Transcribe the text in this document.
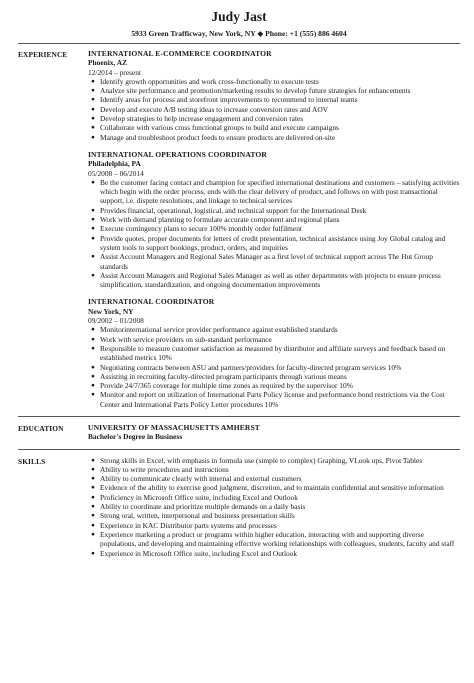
Judy Jast
5933 Green Trafficway, New York, NY ◆ Phone: +1 (555) 886 4604
EXPERIENCE	INTERNATIONAL E-COMMERCE COORDINATOR
Phoenix, AZ
12/2014 – present
● Identify growth opportunities and work cross-functionally to execute tests
● Analyze site performance and promotion/marketing results to develop future strategies for enhancements
● Identify areas for process and storefront improvements to recommend to internal teams
● Develop and execute A/B testing ideas to increase conversion rates and AOV
● Develop strategies to help increase engagement and conversion rates
● Collaborate with various cross functional groups to build and execute campaigns
● Manage and troubleshoot product feeds to ensure products are delivered on-site
INTERNATIONAL OPERATIONS COORDINATOR
Philadelphia, PA
05/2008 – 06/2014
● Be the customer facing contact and champion for specified international destinations and customers – satisfying activities which begin with the order process, ends with the clear delivery of product, and follows on with post transactional support, i.e. dispute resolutions, and linkage to technical services
● Provides financial, operational, logistical, and technical support for the International Desk
● Work with demand planning to formulate accurate component and regional plans
● Execute contingency plans to secure 100% monthly order fulfilment
● Provide quotes, proper documents for letters of credit presentation, technical assistance using Joy Global catalog and system tools to support bookings, product, orders, and inquiries
● Assist Account Managers and Regional Sales Manager as a first level of technical support across The Hut Group standards
● Assist Account Managers and Regional Sales Manager as well as other departments with projects to ensure process simplification, standardization, and ongoing documentation improvements
INTERNATIONAL COORDINATOR
New York, NY
09/2002 – 01/2008
● Monitorinternational service provider performance against established standards
● Work with service providers on sub-standard performance
● Responsible to measure customer satisfaction as measured by distributor and affiliate surveys and feedback based on established metrics 10%
● Negotiating contracts between ASU and partners/providers for faculty-directed program services 10%
● Assisting in recruiting faculty-directed program participants through various means
● Provide 24/7/365 coverage for multiple time zones as required by the supervisor 10%
● Monitor and report on utilization of International Parts Policy license and performance bond restrictions via the Cost Center and International Parts Policy Letter procedures 10%
EDUCATION	UNIVERSITY OF MASSACHUSETTS AMHERST
Bachelor's Degree in Business
SKILLS	● Strong skills in Excel, with emphasis in formula use (simple to complex) Graphing, VLook ups, Pivot Tables
● Ability to write procedures and instructions
● Ability to communicate clearly with internal and external customers
● Evidence of the ability to exercise good judgment, discretion, and to maintain confidential and sensitive information
● Proficiency in Microsoft Office suite, including Excel and Outlook
● Ability to coordinate and prioritize multiple demands on a daily basis
● Strong oral, written, interpersonal and business presentation skills
● Experience in KAC Distributor parts systems and processes
● Experience marketing a product or programs within higher education, interacting with and supporting diverse populations, and developing and maintaining effective working relationships with colleagues, students, faculty and staff
● Experience in Microsoft Office suite, including Excel and Outlook
